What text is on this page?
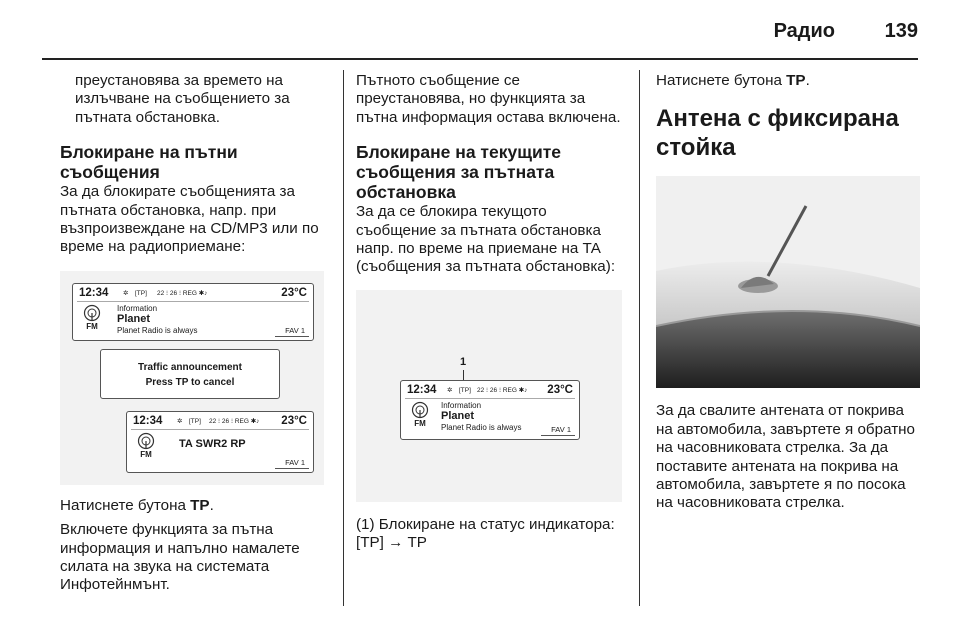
Радио 139

преустановява за времето на излъчване на съобщението за пътната обстановка.

Блокиране на пътни съобщения

За да блокирате съобщенията за пътната обстановка, напр. при възпроизвеждане на CD/MP3 или по време на радиоприемане:

12:34 ✲ [TP] 22 ⁝ 26 ⁝ REG ✱♪	23°C
FM
Information
Planet
Planet Radio is always	FAV 1
Traffic announcement
Press TP to cancel
12:34 ✲ [TP] 22 ⁝ 26 ⁝ REG ✱♪ 23°C
FM
TA SWR2 RP
FAV 1

Натиснете бутона TP.

Включете функцията за пътна информация и напълно намалете силата на звука на системата Инфотейнмънт.

Пътното съобщение се преустановява, но функцията за пътна информация остава включена.

Блокиране на текущите съобщения за пътната обстановка

За да се блокира текущото съобщение за пътната обстановка напр. по време на приемане на TA (съобщения за пътната обстановка):

1
12:34 ✲ [TP] 22 ⁝ 26 ⁝ REG ✱♪ 23°C
FM
Information
Planet
Planet Radio is always	FAV 1

(1) Блокиране на статус индикатора: [TP] → TP

Натиснете бутона TP.

Антена с фиксирана стойка

За да свалите антената от покрива на автомобила, завъртете я обратно на часовниковата стрелка. За да поставите антената на покрива на автомобила, завъртете я по посока на часовниковата стрелка.
